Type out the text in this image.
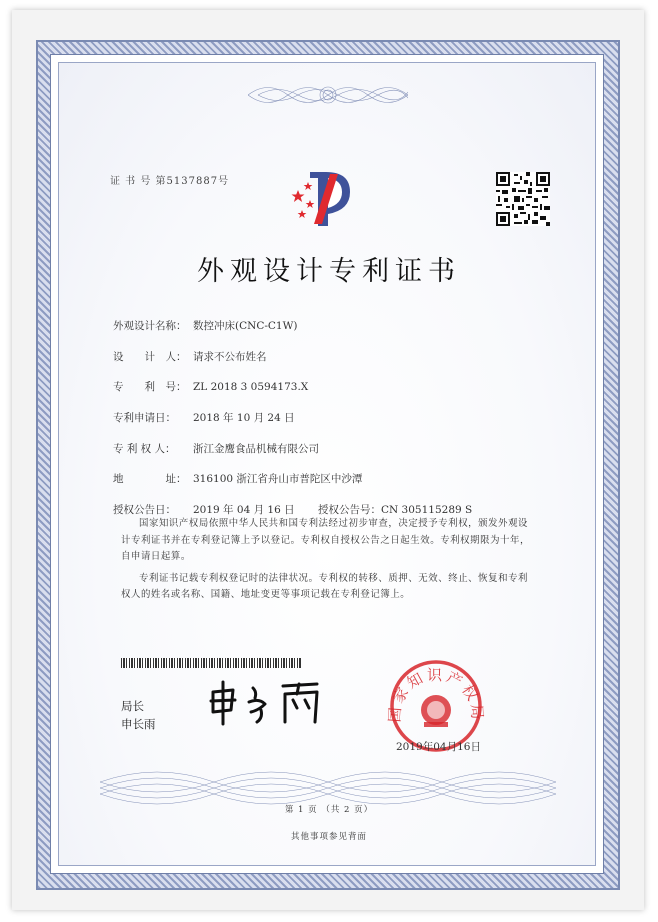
证 书 号 第5137887号
外观设计专利证书
外观设计名称： 数控冲床(CNC-C1W)
设　　计　人： 请求不公布姓名
专　　利　号： ZL 2018 3 0594173.X
专利申请日： 2018 年 10 月 24 日
专 利 权 人： 浙江金鹰食品机械有限公司
地　　　　址： 316100 浙江省舟山市普陀区中沙潭
授权公告日： 2019 年 04 月 16 日 授权公告号：CN 305115289 S

国家知识产权局依照中华人民共和国专利法经过初步审查，决定授予专利权，颁发外观设计专利证书并在专利登记簿上予以登记。专利权自授权公告之日起生效。专利权期限为十年，自申请日起算。

专利证书记载专利权登记时的法律状况。专利权的转移、质押、无效、终止、恢复和专利权人的姓名或名称、国籍、地址变更等事项记载在专利登记簿上。

局长
申长雨
国家知识产权局
2019年04月16日
第 1 页 （共 2 页）
其他事项参见背面
